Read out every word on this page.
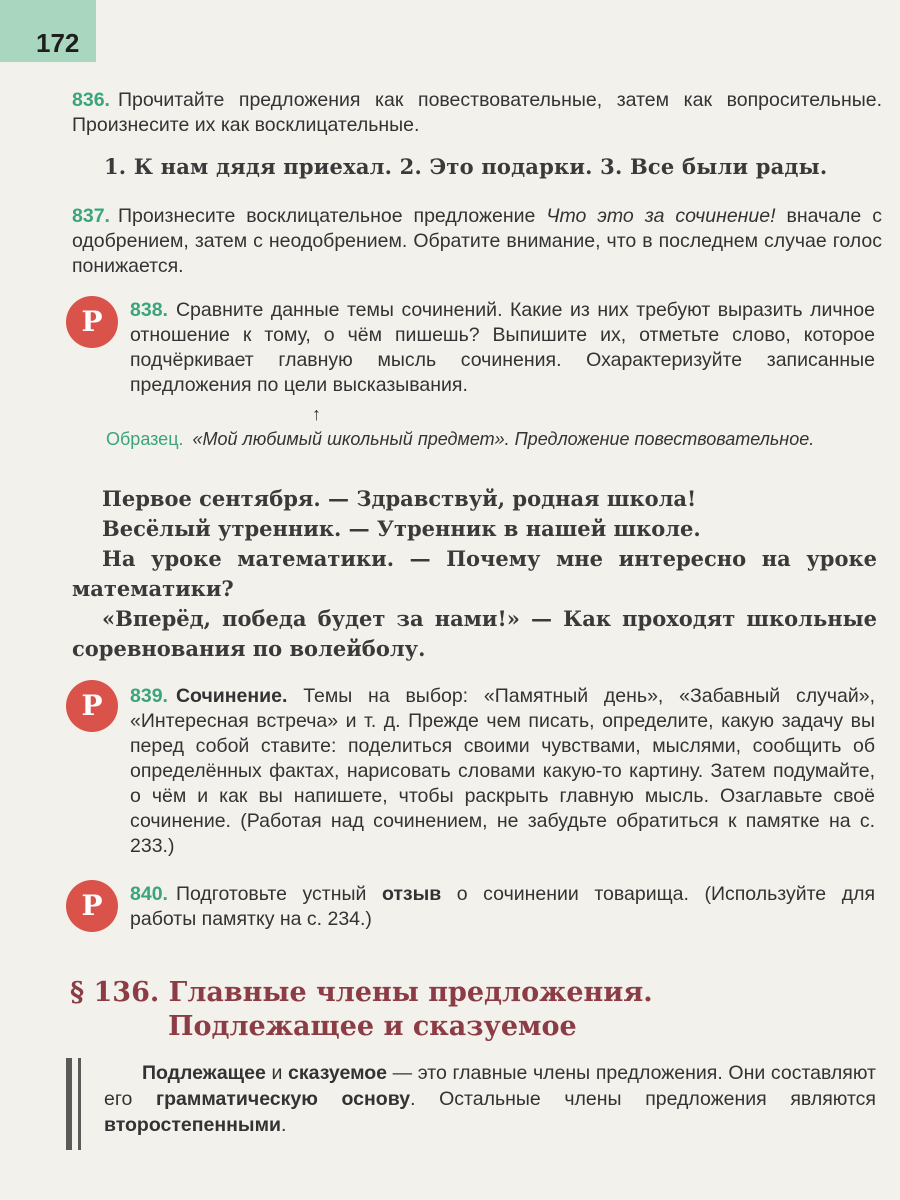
172
836. Прочитайте предложения как повествовательные, затем как вопросительные. Произнесите их как восклицательные.
1. К нам дядя приехал. 2. Это подарки. 3. Все были рады.
837. Произнесите восклицательное предложение Что это за сочинение! вначале с одобрением, затем с неодобрением. Обратите внимание, что в последнем случае голос понижается.
Р	838. Сравните данные темы сочинений. Какие из них требуют выразить личное отношение к тому, о чём пишешь? Выпишите их, отметьте слово, которое подчёркивает главную мысль сочинения. Охарактеризуйте записанные предложения по цели высказывания.
↑
Образец. «Мой любимый школьный предмет». Предложение повествовательное.

Первое сентября. — Здравствуй, родная школа!

Весёлый утренник. — Утренник в нашей школе.

На уроке математики. — Почему мне интересно на уроке математики?

«Вперёд, победа будет за нами!» — Как проходят школьные соревнования по волейболу.

Р	839. Сочинение. Темы на выбор: «Памятный день», «Забавный случай», «Интересная встреча» и т. д. Прежде чем писать, определите, какую задачу вы перед собой ставите: поделиться своими чувствами, мыслями, сообщить об определённых фактах, нарисовать словами какую-то картину. Затем подумайте, о чём и как вы напишете, чтобы раскрыть главную мысль. Озаглавьте своё сочинение. (Работая над сочинением, не забудьте обратиться к памятке на с. 233.)
Р	840. Подготовьте устный отзыв о сочинении товарища. (Используйте для работы памятку на с. 234.)
§ 136. Главные члены предложения.
Подлежащее и сказуемое
Подлежащее и сказуемое — это главные члены предложения. Они составляют его грамматическую основу. Остальные члены предложения являются второстепенными.
